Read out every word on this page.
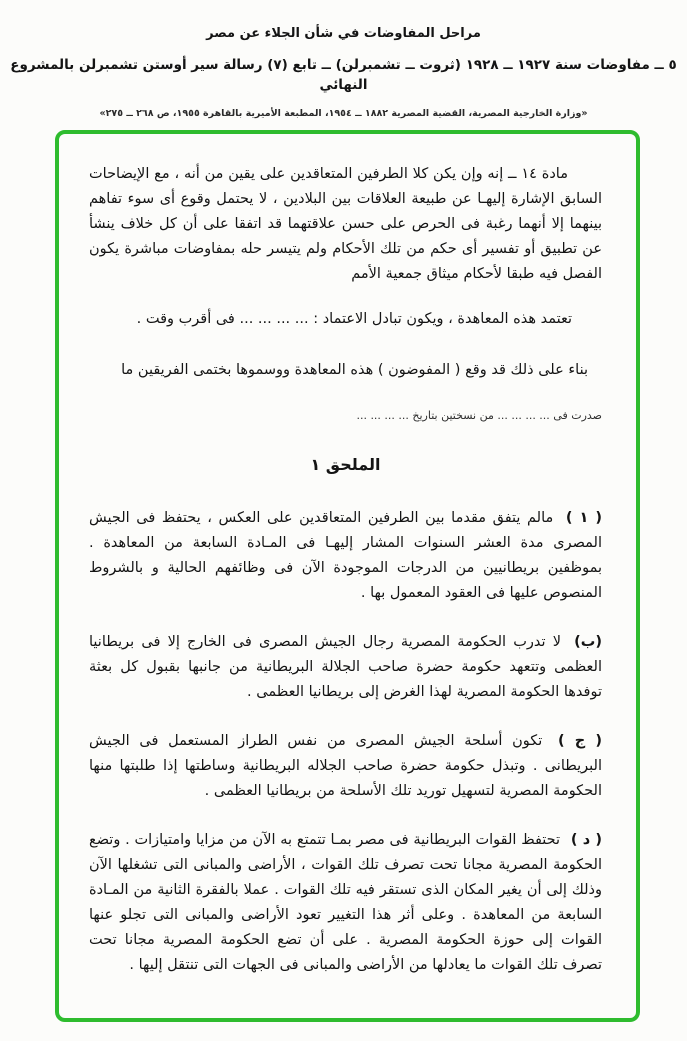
مراحل المفاوضات في شأن الجلاء عن مصر
٥ ــ مفاوضات سنة ١٩٢٧ ــ ١٩٢٨ (ثروت ــ تشمبرلن) ــ تابع (٧) رسالة سير أوستن تشمبرلن بالمشروع النهائي
«وزارة الخارجية المصرية، القضية المصرية ١٨٨٢ ــ ١٩٥٤، المطبعة الأميرية بالقاهرة ١٩٥٥، ص ٢٦٨ ــ ٢٧٥»

مادة ١٤ ــ إنه وإن يكن كلا الطرفين المتعاقدين على يقين من أنه ، مع الإيضاحات السابق الإشارة إليهـا عن طبيعة العلاقات بين البلادين ، لا يحتمل وقوع أى سوء تفاهم بينهما إلا أنهما رغبة فى الحرص على حسن علاقتهما قد اتفقا على أن كل خلاف ينشأ عن تطبيق أو تفسير أى حكم من تلك الأحكام ولم يتيسر حله بمفاوضات مباشرة يكون الفصل فيه طبقا لأحكام ميثاق جمعية الأمم

تعتمد هذه المعاهدة ، ويكون تبادل الاعتماد : ... ... ... ... فى أقرب وقت .

بناء على ذلك قد وقع ( المفوضون ) هذه المعاهدة ووسموها بختمى الفريقين ما

صدرت فى ... ... ... ... من نسختين بتاريخ ... ... ... ...

الملحق ١

( ١ ) مالم يتفق مقدما بين الطرفين المتعاقدين على العكس ، يحتفظ فى الجيش المصرى مدة العشر السنوات المشار إليهـا فى المـادة السابعة من المعاهدة . بموظفين بريطانيين من الدرجات الموجودة الآن فى وظائفهم الحالية و بالشروط المنصوص عليها فى العقود المعمول بها .

(ب) لا تدرب الحكومة المصرية رجال الجيش المصرى فى الخارج إلا فى بريطانيا العظمى وتتعهد حكومة حضرة صاحب الجلالة البريطانية من جانبها بقبول كل بعثة توفدها الحكومة المصرية لهذا الغرض إلى بريطانيا العظمى .

( ج ) تكون أسلحة الجيش المصرى من نفس الطراز المستعمل فى الجيش البريطانى . وتبذل حكومة حضرة صاحب الجلاله البريطانية وساطتها إذا طلبتها منها الحكومة المصرية لتسهيل توريد تلك الأسلحة من بريطانيا العظمى .

( د ) تحتفظ القوات البريطانية فى مصر بمـا تتمتع به الآن من مزايا وامتيازات . وتضع الحكومة المصرية مجانا تحت تصرف تلك القوات ، الأراضى والمبانى التى تشغلها الآن وذلك إلى أن يغير المكان الذى تستقر فيه تلك القوات . عملا بالفقرة الثانية من المـادة السابعة من المعاهدة . وعلى أثر هذا التغيير تعود الأراضى والمبانى التى تجلو عنها القوات إلى حوزة الحكومة المصرية . على أن تضع الحكومة المصرية مجانا تحت تصرف تلك القوات ما يعادلها من الأراضى والمبانى فى الجهات التى تنتقل إليها .
